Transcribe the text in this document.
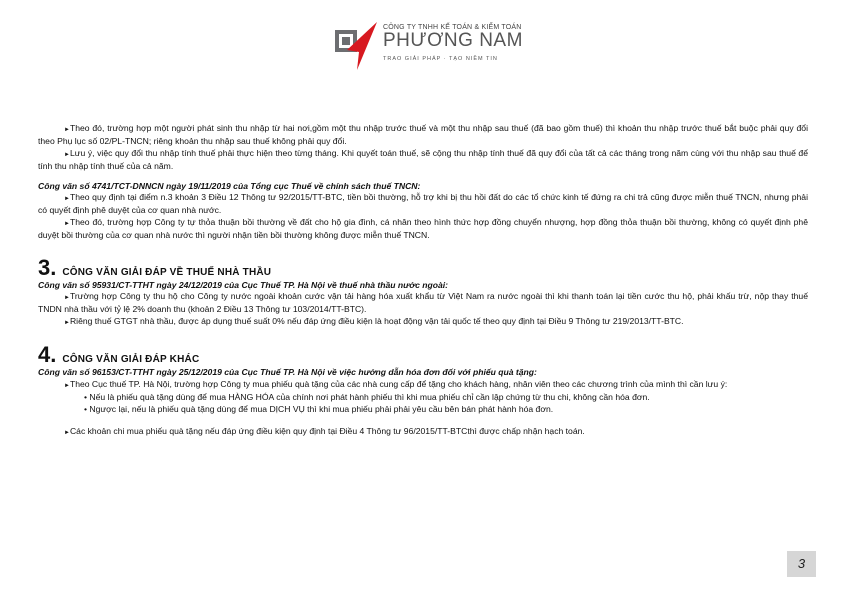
CÔNG TY TNHH KẾ TOÁN & KIỂM TOÁN
PHƯƠNG NAM
TRAO GIẢI PHÁP · TẠO NIỀM TIN

►Theo đó, trường hợp một người phát sinh thu nhập từ hai nơi,gồm một thu nhập trước thuế và một thu nhập sau thuế (đã bao gồm thuế) thì khoản thu nhập trước thuế bắt buộc phải quy đổi theo Phụ lục số 02/PL-TNCN; riêng khoản thu nhập sau thuế không phải quy đổi.

►Lưu ý, việc quy đổi thu nhập tính thuế phải thực hiện theo từng tháng. Khi quyết toán thuế, sẽ cộng thu nhập tính thuế đã quy đổi của tất cả các tháng trong năm cùng với thu nhập sau thuế để tính thu nhập tính thuế của cả năm.

Công văn số 4741/TCT-DNNCN ngày 19/11/2019 của Tổng cục Thuế về chính sách thuế TNCN:

►Theo quy định tại điểm n.3 khoản 3 Điều 12 Thông tư 92/2015/TT-BTC, tiền bồi thường, hỗ trợ khi bị thu hồi đất do các tổ chức kinh tế đứng ra chi trả cũng được miễn thuế TNCN, nhưng phải có quyết định phê duyệt của cơ quan nhà nước.

►Theo đó, trường hợp Công ty tự thỏa thuận bồi thường về đất cho hộ gia đình, cá nhân theo hình thức hợp đồng chuyển nhượng, hợp đồng thỏa thuận bồi thường, không có quyết định phê duyệt bồi thường của cơ quan nhà nước thì người nhận tiền bồi thường không được miễn thuế TNCN.

3. CÔNG VĂN GIẢI ĐÁP VỀ THUẾ NHÀ THẦU

Công văn số 95931/CT-TTHT ngày 24/12/2019 của Cục Thuế TP. Hà Nội về thuế nhà thầu nước ngoài:

►Trường hợp Công ty thu hộ cho Công ty nước ngoài khoản cước vận tải hàng hóa xuất khẩu từ Việt Nam ra nước ngoài thì khi thanh toán lại tiền cước thu hộ, phải khấu trừ, nộp thay thuế TNDN nhà thầu với tỷ lệ 2% doanh thu (khoản 2 Điều 13 Thông tư 103/2014/TT-BTC).

►Riêng thuế GTGT nhà thầu, được áp dụng thuế suất 0% nếu đáp ứng điều kiện là hoạt động vận tải quốc tế theo quy định tại Điều 9 Thông tư 219/2013/TT-BTC.

4. CÔNG VĂN GIẢI ĐÁP KHÁC

Công văn số 96153/CT-TTHT ngày 25/12/2019 của Cục Thuế TP. Hà Nội về việc hướng dẫn hóa đơn đối với phiếu quà tặng:

►Theo Cục thuế TP. Hà Nội, trường hợp Công ty mua phiếu quà tặng của các nhà cung cấp để tặng cho khách hàng, nhân viên theo các chương trình của mình thì cần lưu ý:

• Nếu là phiếu quà tặng dùng để mua HÀNG HÓA của chính nơi phát hành phiếu thì khi mua phiếu chỉ cần lập chứng từ thu chi, không cần hóa đơn.

• Ngược lại, nếu là phiếu quà tặng dùng để mua DỊCH VỤ thì khi mua phiếu phải phải yêu cầu bên bán phát hành hóa đơn.

►Các khoản chi mua phiếu quà tặng nếu đáp ứng điều kiện quy định tại Điều 4 Thông tư 96/2015/TT-BTCthì được chấp nhận hạch toán.

3
